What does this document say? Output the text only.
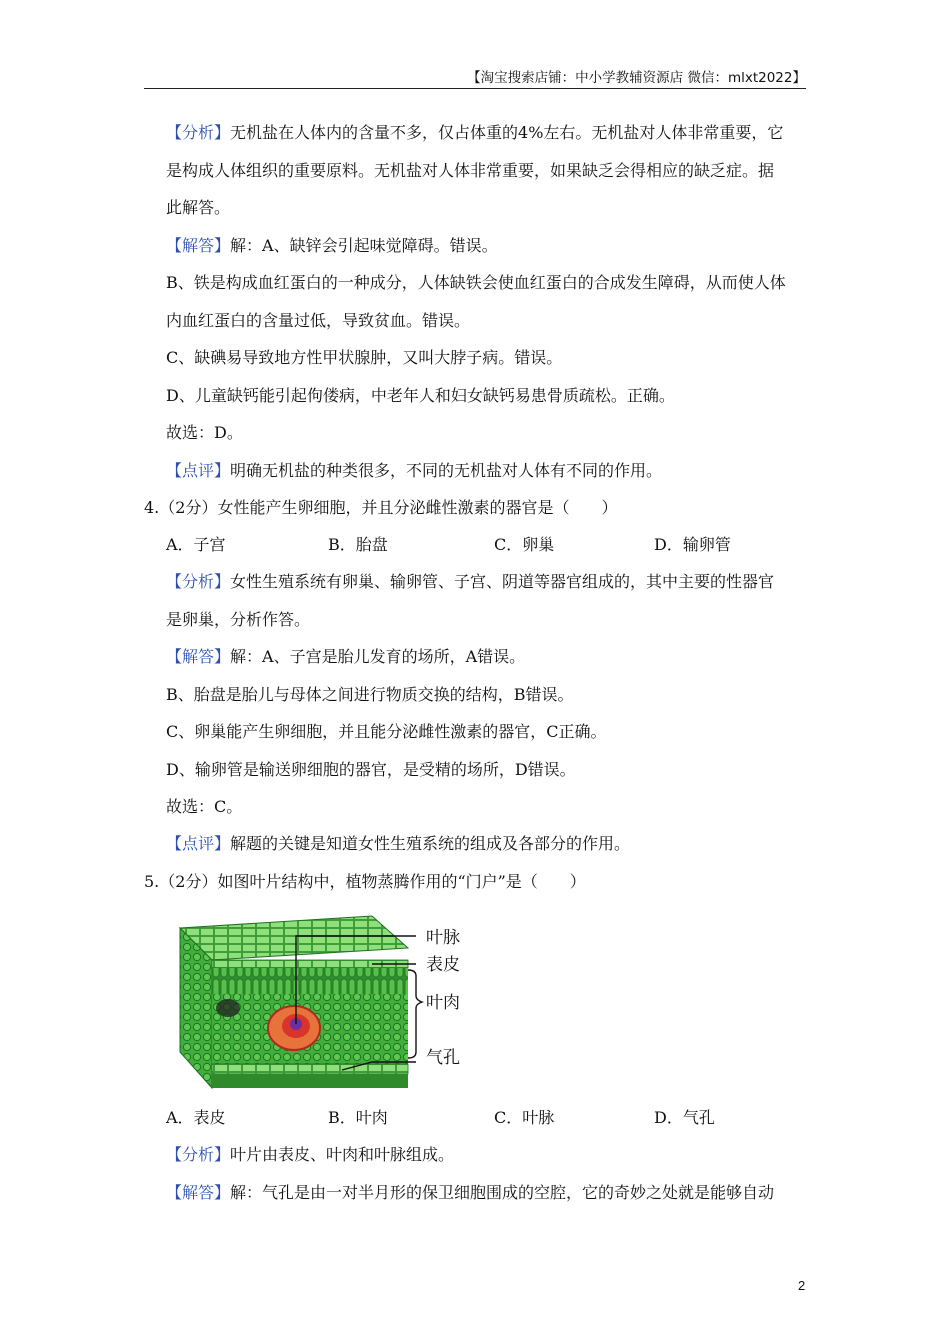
【淘宝搜索店铺：中小学教辅资源店 微信：mlxt2022】
【分析】无机盐在人体内的含量不多，仅占体重的4%左右。无机盐对人体非常重要，它
是构成人体组织的重要原料。无机盐对人体非常重要，如果缺乏会得相应的缺乏症。据
此解答。
【解答】解：A、缺锌会引起味觉障碍。错误。
B、铁是构成血红蛋白的一种成分，人体缺铁会使血红蛋白的合成发生障碍，从而使人体
内血红蛋白的含量过低，导致贫血。错误。
C、缺碘易导致地方性甲状腺肿，又叫大脖子病。错误。
D、儿童缺钙能引起佝偻病，中老年人和妇女缺钙易患骨质疏松。正确。
故选：D。
【点评】明确无机盐的种类很多，不同的无机盐对人体有不同的作用。
4.（2分）女性能产生卵细胞，并且分泌雌性激素的器官是（　　）
A．子宫	B．胎盘	C．卵巢	D．输卵管
【分析】女性生殖系统有卵巢、输卵管、子宫、阴道等器官组成的，其中主要的性器官
是卵巢，分析作答。
【解答】解：A、子宫是胎儿发育的场所，A错误。
B、胎盘是胎儿与母体之间进行物质交换的结构，B错误。
C、卵巢能产生卵细胞，并且能分泌雌性激素的器官，C正确。
D、输卵管是输送卵细胞的器官，是受精的场所，D错误。
故选：C。
【点评】解题的关键是知道女性生殖系统的组成及各部分的作用。
5.（2分）如图叶片结构中，植物蒸腾作用的“门户”是（　　）
叶脉
表皮
叶肉
气孔
A．表皮	B．叶肉	C．叶脉	D．气孔
【分析】叶片由表皮、叶肉和叶脉组成。
【解答】解：气孔是由一对半月形的保卫细胞围成的空腔，它的奇妙之处就是能够自动
2
